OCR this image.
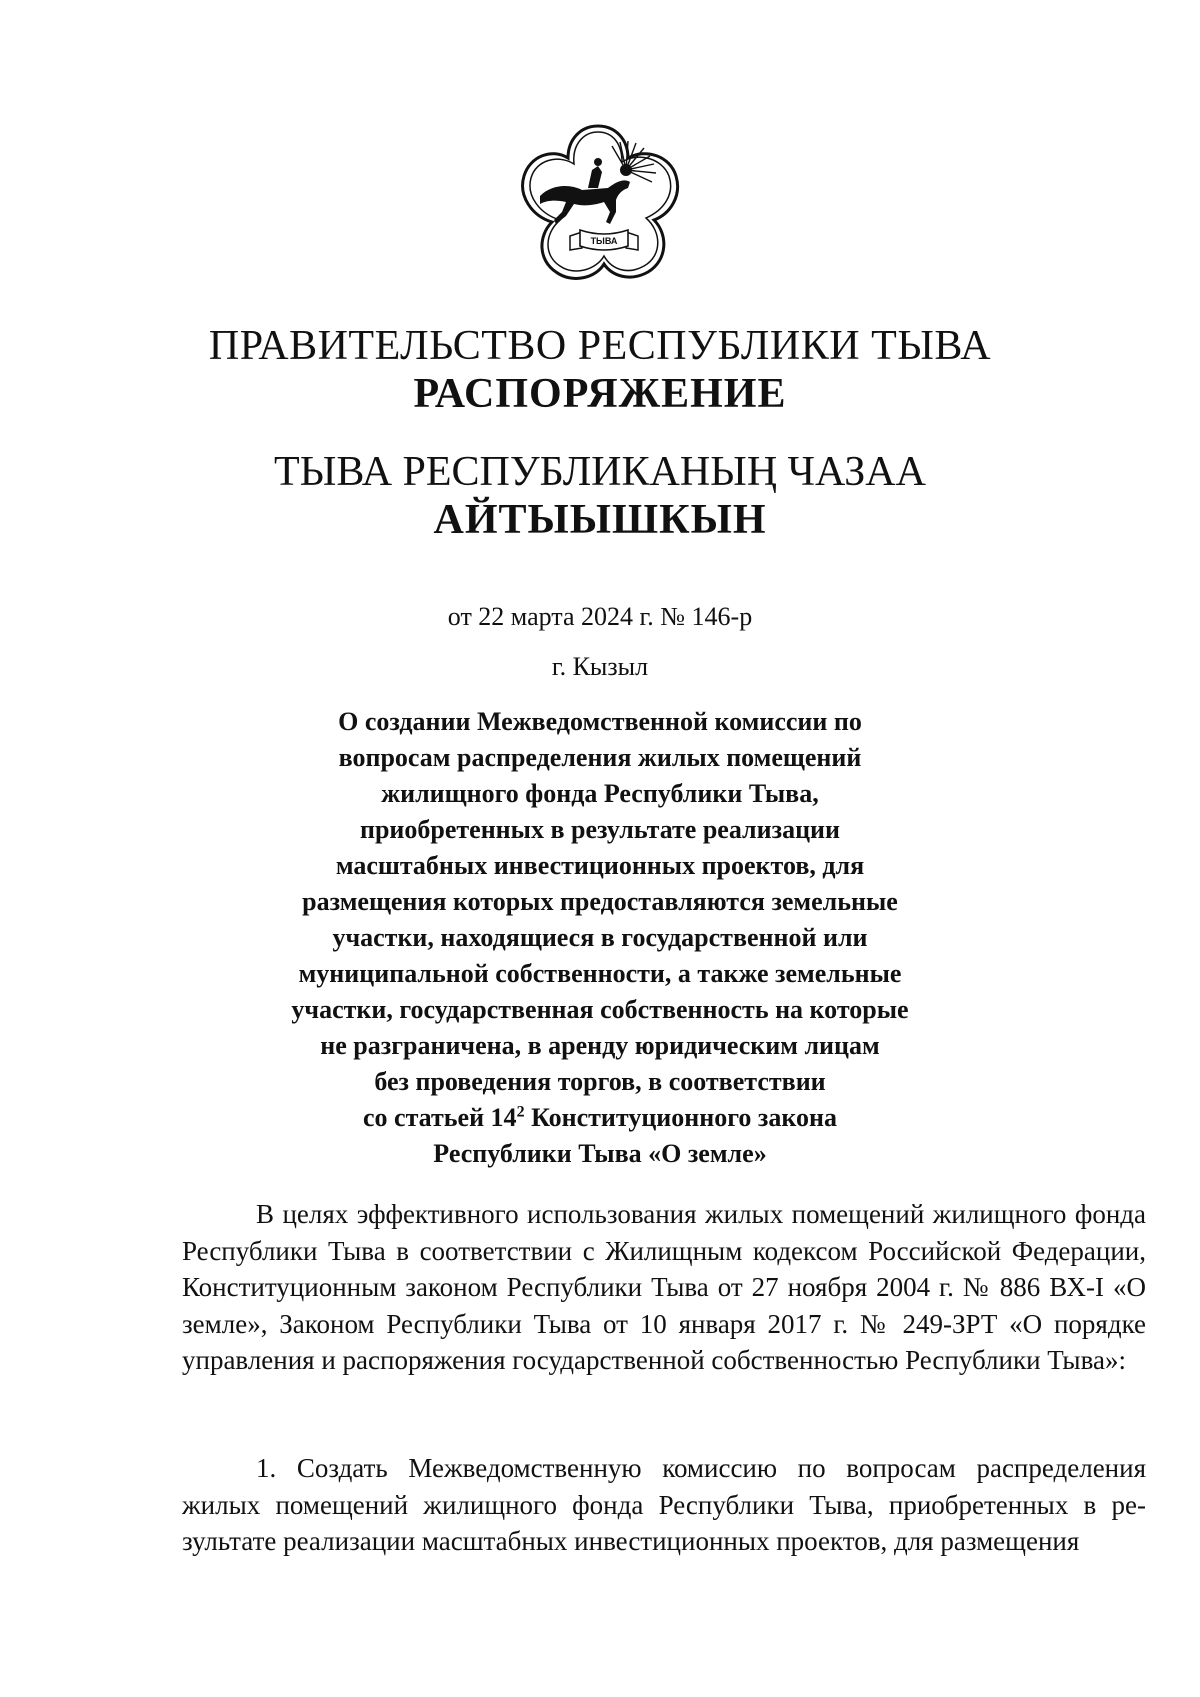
ТЫВА
ПРАВИТЕЛЬСТВО РЕСПУБЛИКИ ТЫВА
РАСПОРЯЖЕНИЕ
ТЫВА РЕСПУБЛИКАНЫҢ ЧАЗАА
АЙТЫЫШКЫН
от 22 марта 2024 г. № 146-р
г. Кызыл
О создании Межведомственной комиссии по
вопросам распределения жилых помещений
жилищного фонда Республики Тыва,
приобретенных в результате реализации
масштабных инвестиционных проектов, для
размещения которых предоставляются земельные
участки, находящиеся в государственной или
муниципальной собственности, а также земельные
участки, государственная собственность на которые
не разграничена, в аренду юридическим лицам
без проведения торгов, в соответствии
со статьей $14^2$ Конституционного закона
Республики Тыва «О земле»
В целях эффективного использования жилых помещений жилищного фонда Республики Тыва в соответствии с Жилищным кодексом Российской Федерации, Конституционным законом Республики Тыва от 27 ноября 2004 г. № 886 ВХ-I «О земле», Законом Республики Тыва от 10 января 2017 г. № 249-ЗРТ «О порядке управления и распоряжения государственной собственностью Республики Тыва»:
1. Создать Межведомственную комиссию по вопросам распределения жилых помещений жилищного фонда Республики Тыва, приобретенных в результате реализации масштабных инвестиционных проектов, для размещения
